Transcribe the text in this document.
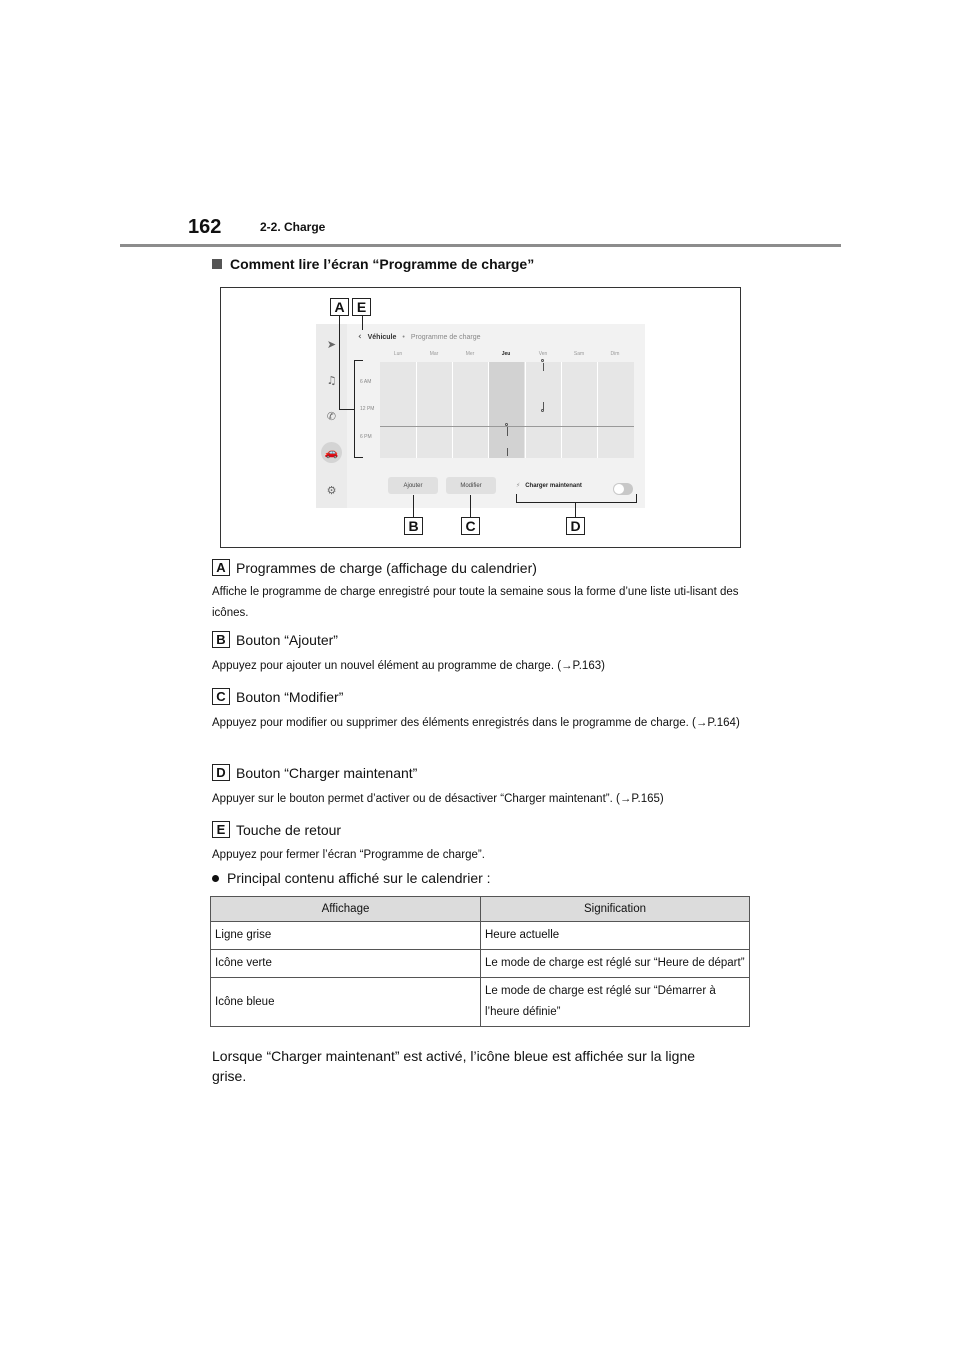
162	2-2. Charge
Comment lire l’écran “Programme de charge”
➤
♫
✆
🚗
⚙
‹ Véhicule • Programme de charge
Lun	Mar	Mer	Jeu	Ven	Sam	Dim
6 AM
12 PM
6 PM
Ajouter	Modifier	⚡ Charger maintenant
A E
B	C	D
A Programmes de charge (affichage du calendrier)
Affiche le programme de charge enregistré pour toute la semaine sous la forme d’une liste uti-lisant des icônes.
B Bouton “Ajouter”
Appuyez pour ajouter un nouvel élément au programme de charge. (→P.163)
C Bouton “Modifier”
Appuyez pour modifier ou supprimer des éléments enregistrés dans le programme de charge. (→P.164)
D Bouton “Charger maintenant”
Appuyer sur le bouton permet d’activer ou de désactiver “Charger maintenant”. (→P.165)
E Touche de retour
Appuyez pour fermer l’écran “Programme de charge”.
Principal contenu affiché sur le calendrier :
Affichage	Signification
Ligne grise	Heure actuelle
Icône verte	Le mode de charge est réglé sur “Heure de départ”
Icône bleue	Le mode de charge est réglé sur “Démarrer à l’heure définie”
Lorsque “Charger maintenant” est activé, l’icône bleue est affichée sur la ligne grise.
